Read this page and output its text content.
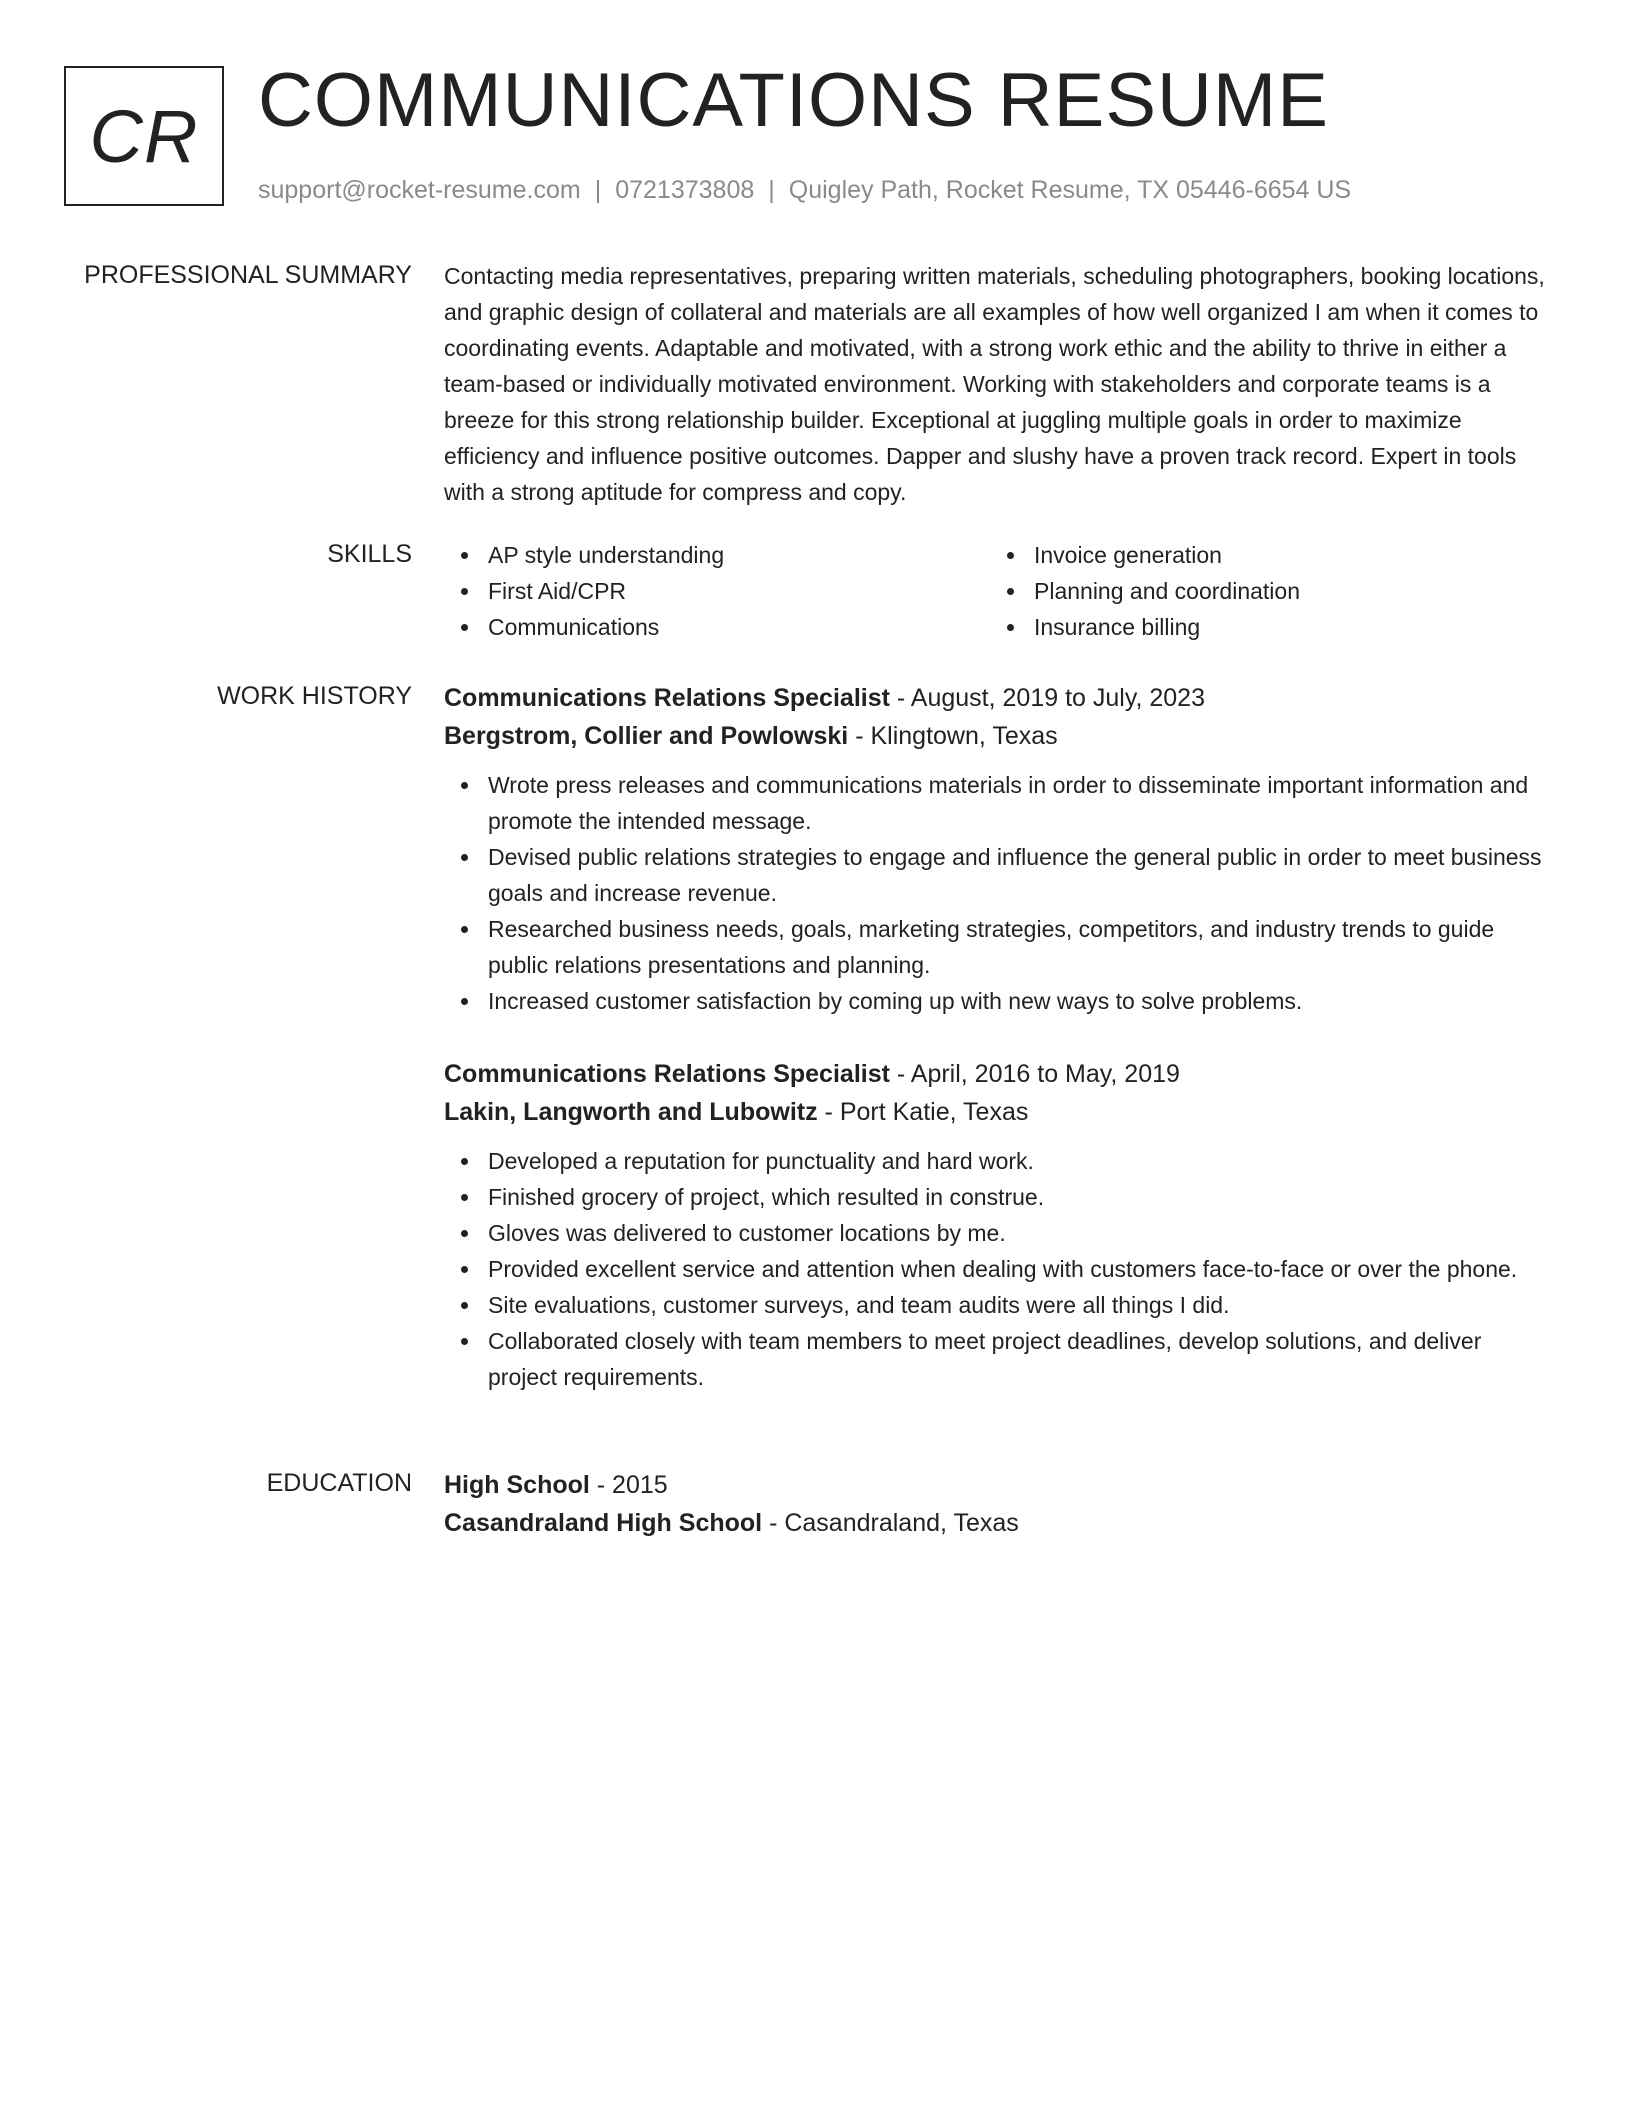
CR COMMUNICATIONS RESUME
support@rocket-resume.com | 0721373808 | Quigley Path, Rocket Resume, TX 05446-6654 US
PROFESSIONAL SUMMARY Contacting media representatives, preparing written materials, scheduling photographers, booking locations, and graphic design of collateral and materials are all examples of how well organized I am when it comes to coordinating events. Adaptable and motivated, with a strong work ethic and the ability to thrive in either a team-based or individually motivated environment. Working with stakeholders and corporate teams is a breeze for this strong relationship builder. Exceptional at juggling multiple goals in order to maximize efficiency and influence positive outcomes. Dapper and slushy have a proven track record. Expert in tools with a strong aptitude for compress and copy.

SKILLS	AP style understanding	Invoice generation
First Aid/CPR	Planning and coordination
Communications	Insurance billing
WORK HISTORY Communications Relations Specialist - August, 2019 to July, 2023
Bergstrom, Collier and Powlowski - Klingtown, Texas
Wrote press releases and communications materials in order to disseminate important information and promote the intended message.
Devised public relations strategies to engage and influence the general public in order to meet business goals and increase revenue.
Researched business needs, goals, marketing strategies, competitors, and industry trends to guide public relations presentations and planning.
Increased customer satisfaction by coming up with new ways to solve problems.
Communications Relations Specialist - April, 2016 to May, 2019
Lakin, Langworth and Lubowitz - Port Katie, Texas
Developed a reputation for punctuality and hard work.
Finished grocery of project, which resulted in construe.
Gloves was delivered to customer locations by me.
Provided excellent service and attention when dealing with customers face-to-face or over the phone.
Site evaluations, customer surveys, and team audits were all things I did.
Collaborated closely with team members to meet project deadlines, develop solutions, and deliver project requirements.
EDUCATION High School - 2015
Casandraland High School - Casandraland, Texas
